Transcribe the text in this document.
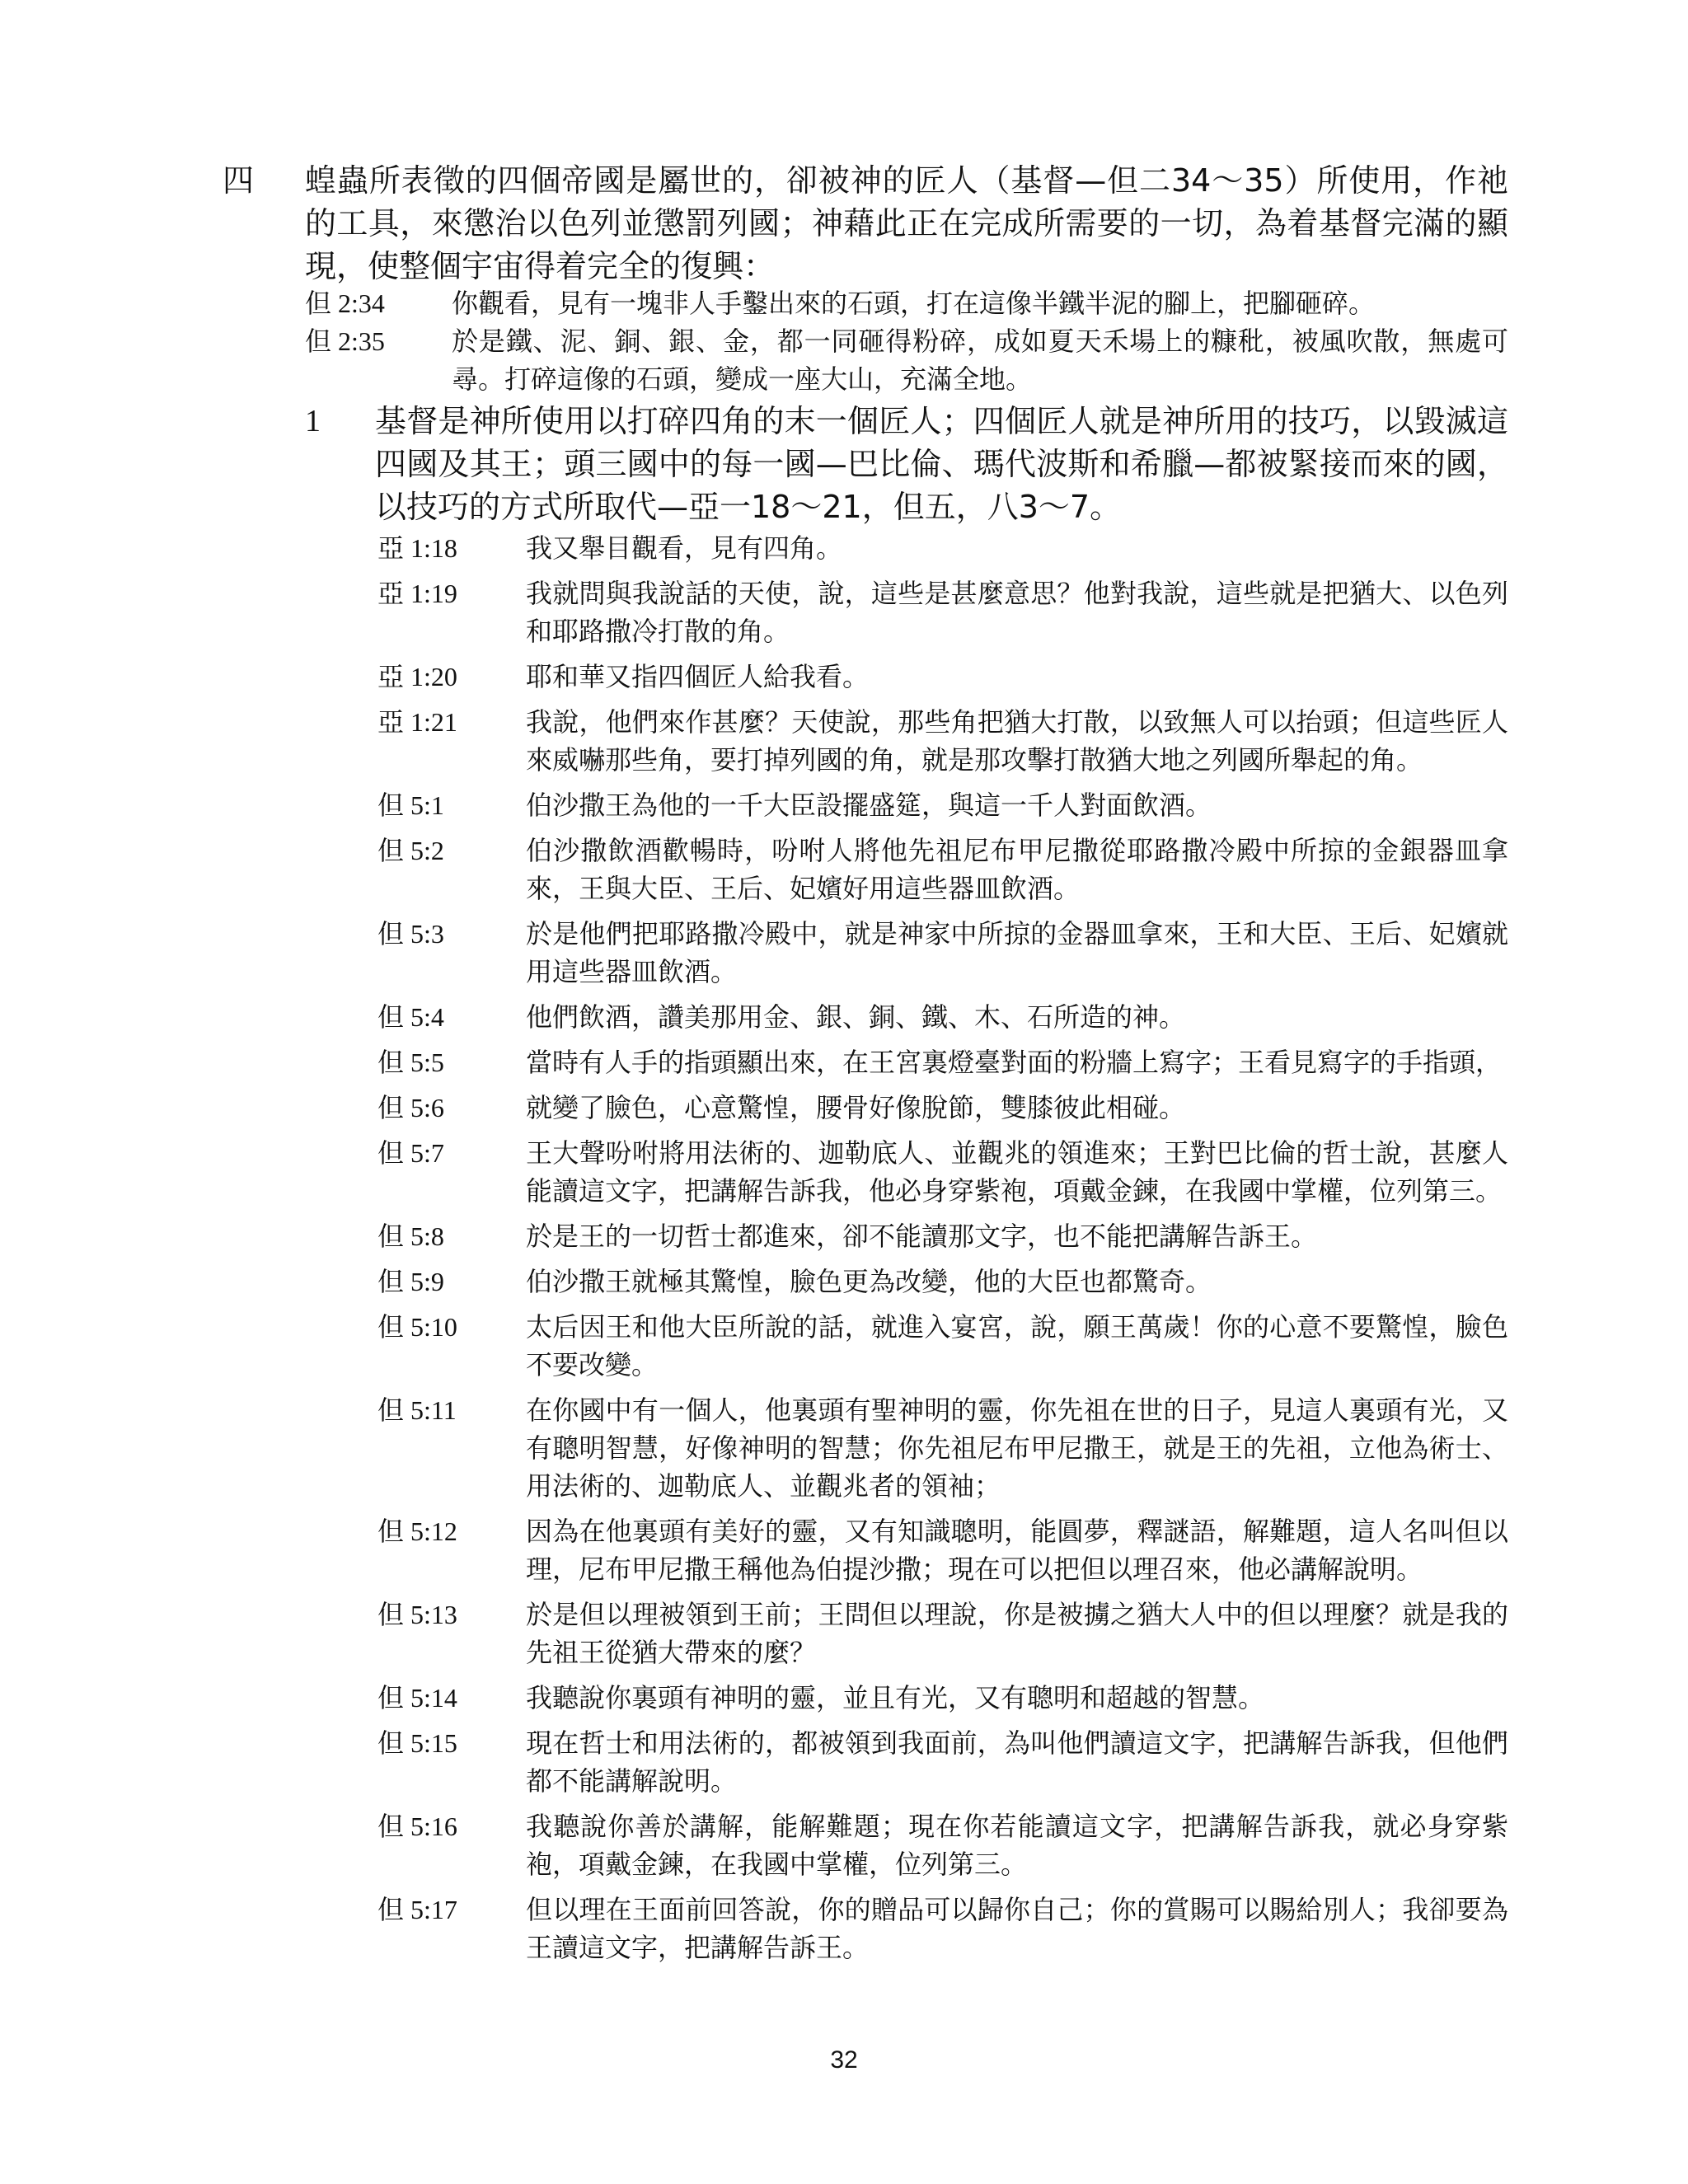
四 蝗蟲所表徵的四個帝國是屬世的，卻被神的匠人（基督—但二34～35）所使用，作祂的工具，來懲治以色列並懲罰列國；神藉此正在完成所需要的一切，為着基督完滿的顯現，使整個宇宙得着完全的復興：
但 2:34	你觀看，見有一塊非人手鑿出來的石頭，打在這像半鐵半泥的腳上，把腳砸碎。
但 2:35	於是鐵、泥、銅、銀、金，都一同砸得粉碎，成如夏天禾場上的糠秕，被風吹散，無處可尋。打碎這像的石頭，變成一座大山，充滿全地。
1 基督是神所使用以打碎四角的末一個匠人；四個匠人就是神所用的技巧，以毀滅這四國及其王；頭三國中的每一國—巴比倫、瑪代波斯和希臘—都被緊接而來的國，以技巧的方式所取代—亞一18～21，但五，八3～7。
亞 1:18	我又舉目觀看，見有四角。
亞 1:19	我就問與我說話的天使，說，這些是甚麼意思？他對我說，這些就是把猶大、以色列和耶路撒冷打散的角。
亞 1:20	耶和華又指四個匠人給我看。
亞 1:21	我說，他們來作甚麼？天使說，那些角把猶大打散，以致無人可以抬頭；但這些匠人來威嚇那些角，要打掉列國的角，就是那攻擊打散猶大地之列國所舉起的角。
但 5:1	伯沙撒王為他的一千大臣設擺盛筵，與這一千人對面飲酒。
但 5:2	伯沙撒飲酒歡暢時，吩咐人將他先祖尼布甲尼撒從耶路撒冷殿中所掠的金銀器皿拿來，王與大臣、王后、妃嬪好用這些器皿飲酒。
但 5:3	於是他們把耶路撒冷殿中，就是神家中所掠的金器皿拿來，王和大臣、王后、妃嬪就用這些器皿飲酒。
但 5:4	他們飲酒，讚美那用金、銀、銅、鐵、木、石所造的神。
但 5:5	當時有人手的指頭顯出來，在王宮裏燈臺對面的粉牆上寫字；王看見寫字的手指頭，
但 5:6	就變了臉色，心意驚惶，腰骨好像脫節，雙膝彼此相碰。
但 5:7	王大聲吩咐將用法術的、迦勒底人、並觀兆的領進來；王對巴比倫的哲士說，甚麼人能讀這文字，把講解告訴我，他必身穿紫袍，項戴金鍊，在我國中掌權，位列第三。
但 5:8	於是王的一切哲士都進來，卻不能讀那文字，也不能把講解告訴王。
但 5:9	伯沙撒王就極其驚惶，臉色更為改變，他的大臣也都驚奇。
但 5:10	太后因王和他大臣所說的話，就進入宴宮，說，願王萬歲！你的心意不要驚惶，臉色不要改變。
但 5:11	在你國中有一個人，他裏頭有聖神明的靈，你先祖在世的日子，見這人裏頭有光，又有聰明智慧，好像神明的智慧；你先祖尼布甲尼撒王，就是王的先祖，立他為術士、用法術的、迦勒底人、並觀兆者的領袖；
但 5:12	因為在他裏頭有美好的靈，又有知識聰明，能圓夢，釋謎語，解難題，這人名叫但以理，尼布甲尼撒王稱他為伯提沙撒；現在可以把但以理召來，他必講解說明。
但 5:13	於是但以理被領到王前；王問但以理說，你是被擄之猶大人中的但以理麼？就是我的先祖王從猶大帶來的麼？
但 5:14	我聽說你裏頭有神明的靈，並且有光，又有聰明和超越的智慧。
但 5:15	現在哲士和用法術的，都被領到我面前，為叫他們讀這文字，把講解告訴我，但他們都不能講解說明。
但 5:16	我聽說你善於講解，能解難題；現在你若能讀這文字，把講解告訴我，就必身穿紫袍，項戴金鍊，在我國中掌權，位列第三。
但 5:17	但以理在王面前回答說，你的贈品可以歸你自己；你的賞賜可以賜給別人；我卻要為王讀這文字，把講解告訴王。
32
